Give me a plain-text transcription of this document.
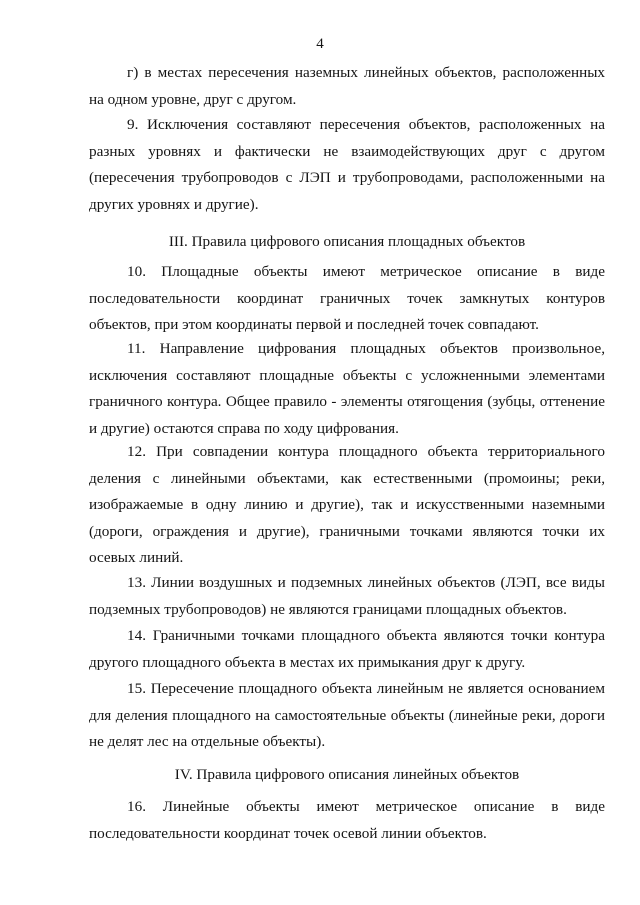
4

г) в местах пересечения наземных линейных объектов, расположенных на одном уровне, друг с другом.

9. Исключения составляют пересечения объектов, расположенных на разных уровнях и фактически не взаимодействующих друг с другом (пересечения трубопроводов с ЛЭП и трубопроводами, расположенными на других уровнях и другие).

III. Правила цифрового описания площадных объектов

10. Площадные объекты имеют метрическое описание в виде последовательности координат граничных точек замкнутых контуров объектов, при этом координаты первой и последней точек совпадают.

11. Направление цифрования площадных объектов произвольное, исключения составляют площадные объекты с усложненными элементами граничного контура. Общее правило - элементы отягощения (зубцы, оттенение и другие) остаются справа по ходу цифрования.

12. При совпадении контура площадного объекта территориального деления с линейными объектами, как естественными (промоины; реки, изображаемые в одну линию и другие), так и искусственными наземными (дороги, ограждения и другие), граничными точками являются точки их осевых линий.

13. Линии воздушных и подземных линейных объектов (ЛЭП, все виды подземных трубопроводов) не являются границами площадных объектов.

14. Граничными точками площадного объекта являются точки контура другого площадного объекта в местах их примыкания друг к другу.

15. Пересечение площадного объекта линейным не является основанием для деления площадного на самостоятельные объекты (линейные реки, дороги не делят лес на отдельные объекты).

IV. Правила цифрового описания линейных объектов

16. Линейные объекты имеют метрическое описание в виде последовательности координат точек осевой линии объектов.
